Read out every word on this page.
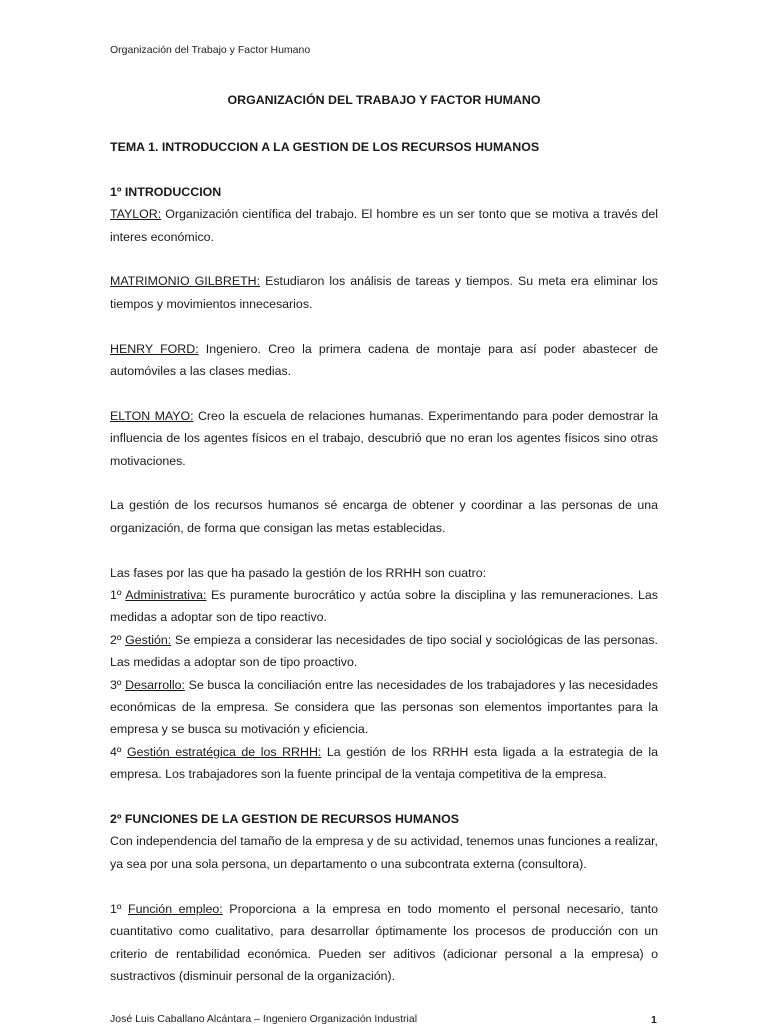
Organización del Trabajo y Factor Humano
ORGANIZACIÓN DEL TRABAJO Y FACTOR HUMANO

TEMA 1. INTRODUCCION A LA GESTION DE LOS RECURSOS HUMANOS

1º INTRODUCCION

TAYLOR: Organización científica del trabajo. El hombre es un ser tonto que se motiva a través del interes económico.

MATRIMONIO GILBRETH: Estudiaron los análisis de tareas y tiempos. Su meta era eliminar los tiempos y movimientos innecesarios.

HENRY FORD: Ingeniero. Creo la primera cadena de montaje para así poder abastecer de automóviles a las clases medias.

ELTON MAYO: Creo la escuela de relaciones humanas. Experimentando para poder demostrar la influencia de los agentes físicos en el trabajo, descubrió que no eran los agentes físicos sino otras motivaciones.

La gestión de los recursos humanos sé encarga de obtener y coordinar a las personas de una organización, de forma que consigan las metas establecidas.

Las fases por las que ha pasado la gestión de los RRHH son cuatro:

1º Administrativa: Es puramente burocrático y actúa sobre la disciplina y las remuneraciones. Las medidas a adoptar son de tipo reactivo.

2º Gestión: Se empieza a considerar las necesidades de tipo social y sociológicas de las personas. Las medidas a adoptar son de tipo proactivo.

3º Desarrollo: Se busca la conciliación entre las necesidades de los trabajadores y las necesidades económicas de la empresa. Se considera que las personas son elementos importantes para la empresa y se busca su motivación y eficiencia.

4º Gestión estratégica de los RRHH: La gestión de los RRHH esta ligada a la estrategia de la empresa. Los trabajadores son la fuente principal de la ventaja competitiva de la empresa.

2º FUNCIONES DE LA GESTION DE RECURSOS HUMANOS

Con independencia del tamaño de la empresa y de su actividad, tenemos unas funciones a realizar, ya sea por una sola persona, un departamento o una subcontrata externa (consultora).

1º Función empleo: Proporciona a la empresa en todo momento el personal necesario, tanto cuantitativo como cualitativo, para desarrollar óptimamente los procesos de producción con un criterio de rentabilidad económica. Pueden ser aditivos (adicionar personal a la empresa) o sustractivos (disminuir personal de la organización).

José Luis Caballano Alcántara – Ingeniero Organización Industrial	1
